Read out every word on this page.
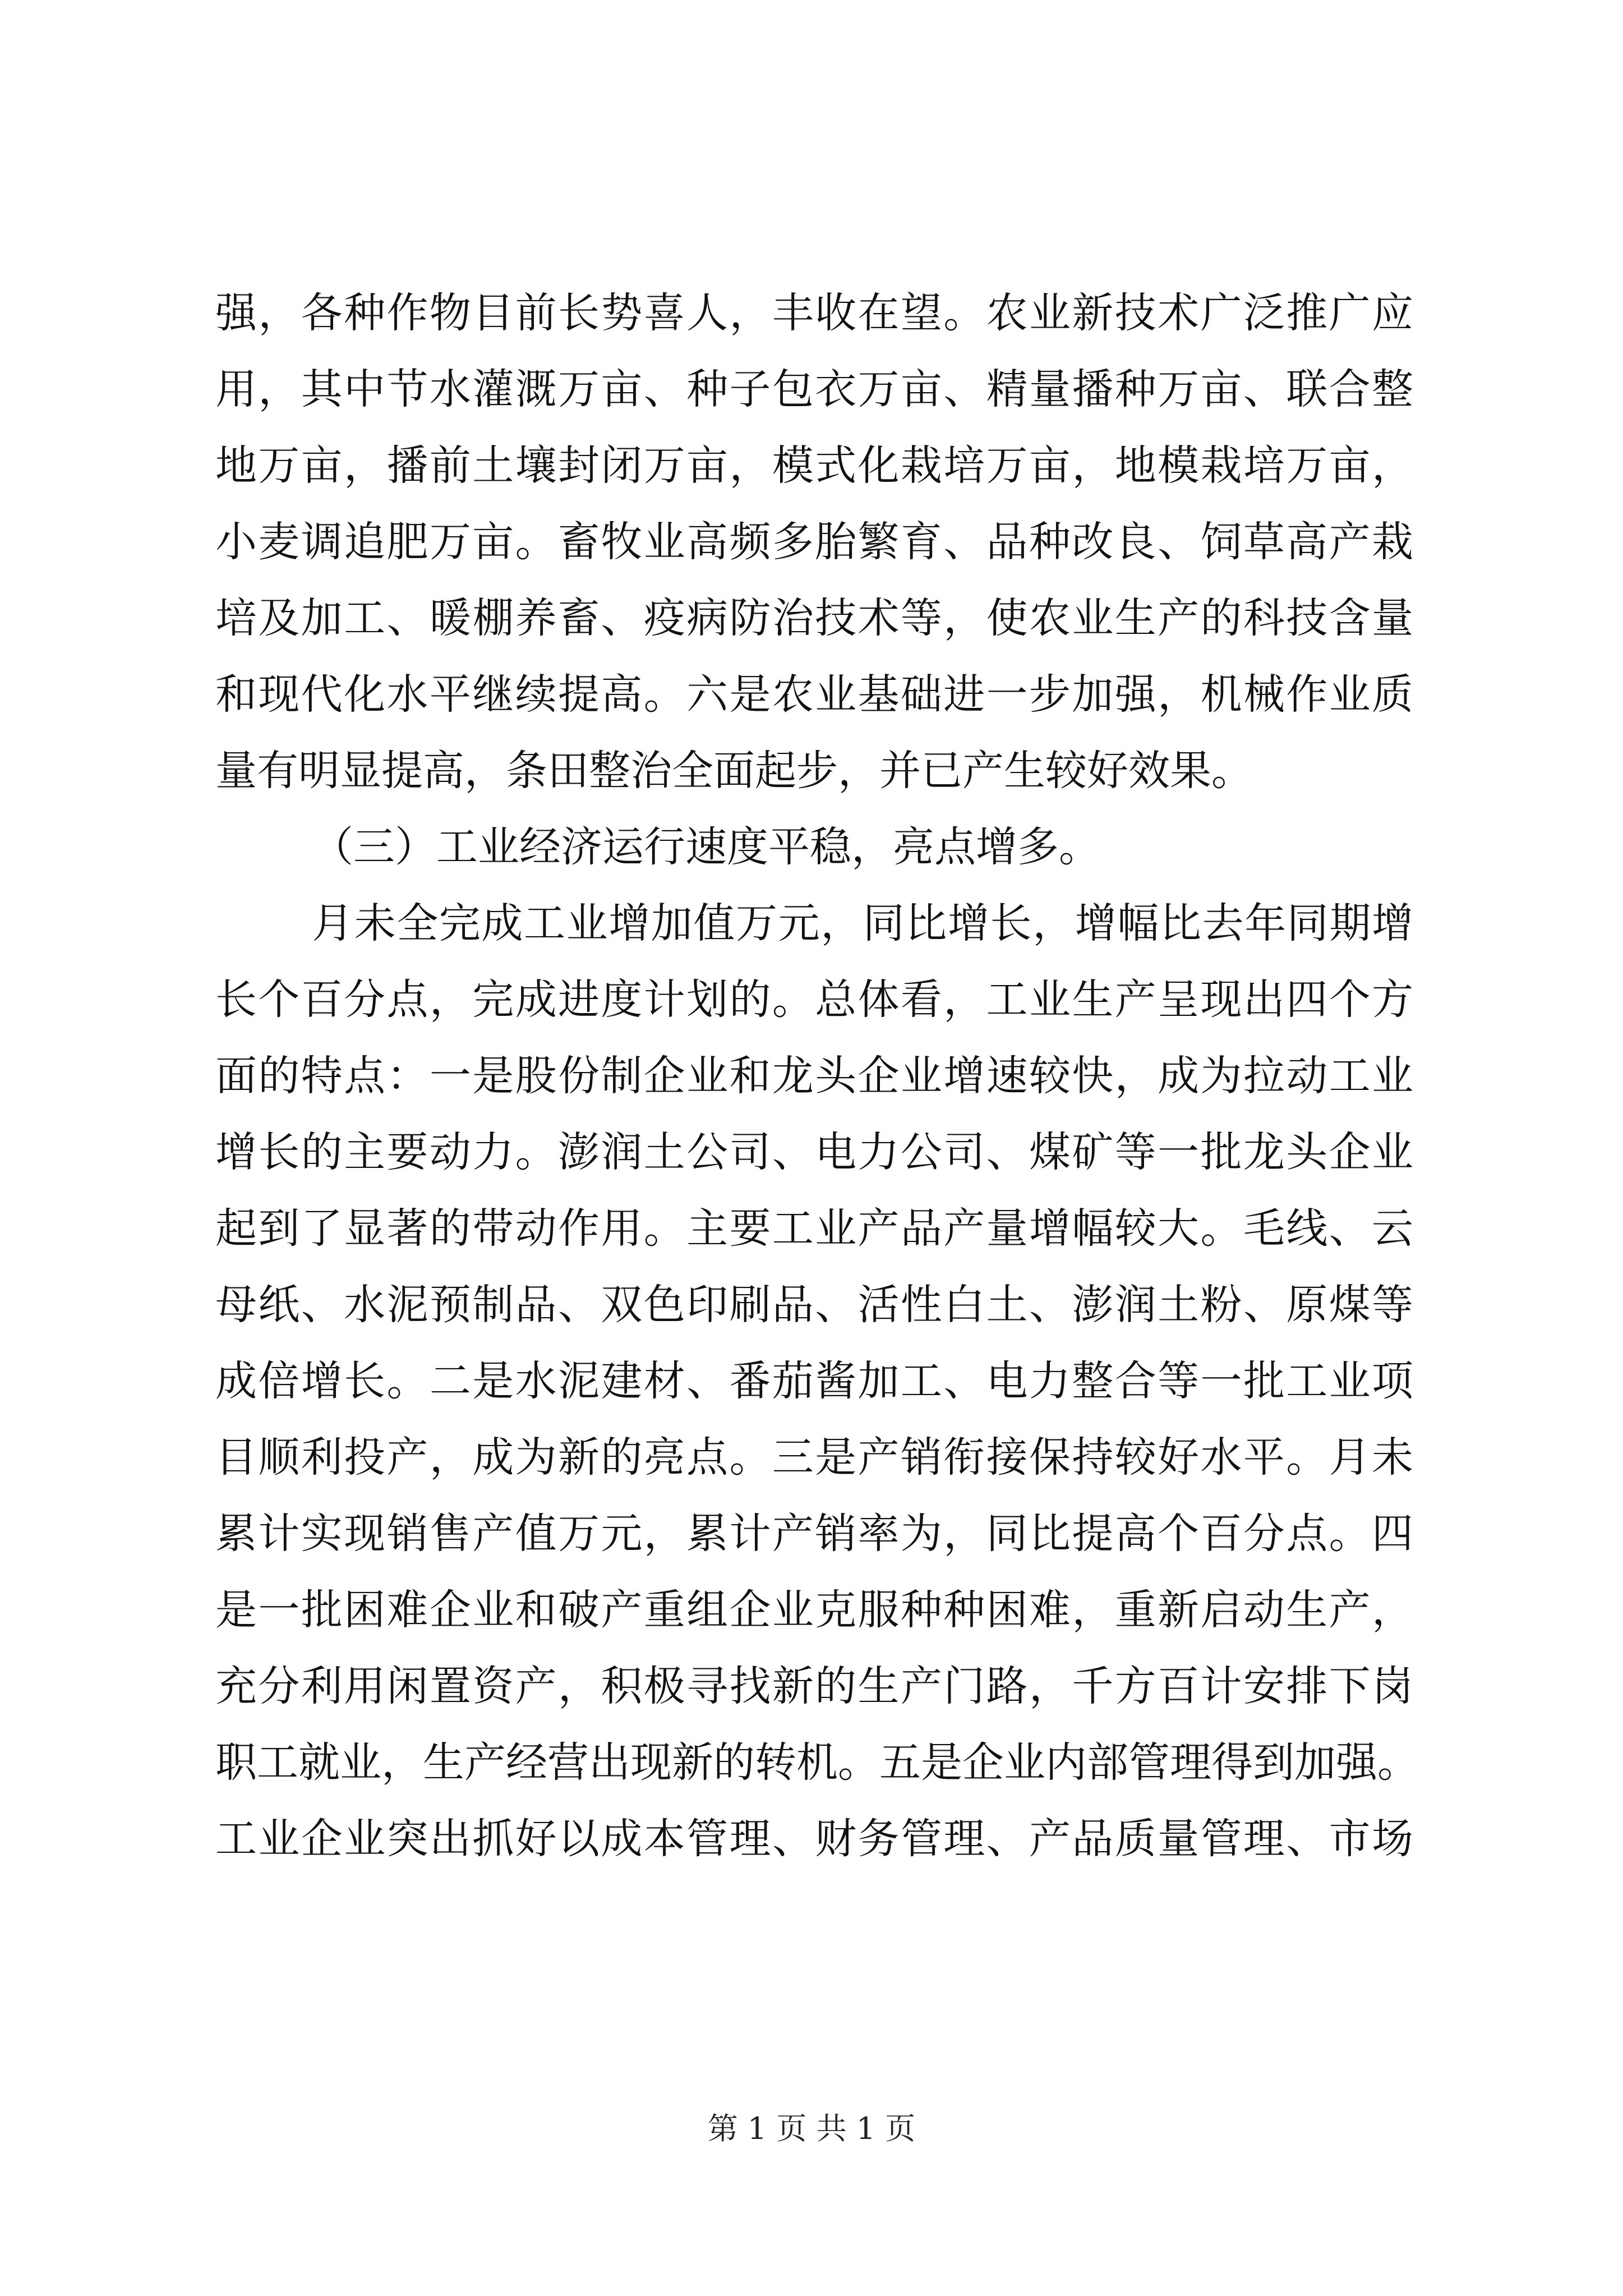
强，各种作物目前长势喜人，丰收在望。农业新技术广泛推广应
用，其中节水灌溉万亩、种子包衣万亩、精量播种万亩、联合整
地万亩，播前土壤封闭万亩，模式化栽培万亩，地模栽培万亩，
小麦调追肥万亩。畜牧业高频多胎繁育、品种改良、饲草高产栽
培及加工、暖棚养畜、疫病防治技术等，使农业生产的科技含量
和现代化水平继续提高。六是农业基础进一步加强，机械作业质
量有明显提高，条田整治全面起步，并已产生较好效果。
（三）工业经济运行速度平稳，亮点增多。
月未全完成工业增加值万元，同比增长，增幅比去年同期增
长个百分点，完成进度计划的。总体看，工业生产呈现出四个方
面的特点：一是股份制企业和龙头企业增速较快，成为拉动工业
增长的主要动力。澎润土公司、电力公司、煤矿等一批龙头企业
起到了显著的带动作用。主要工业产品产量增幅较大。毛线、云
母纸、水泥预制品、双色印刷品、活性白土、澎润土粉、原煤等
成倍增长。二是水泥建材、番茄酱加工、电力整合等一批工业项
目顺利投产，成为新的亮点。三是产销衔接保持较好水平。月未
累计实现销售产值万元，累计产销率为，同比提高个百分点。四
是一批困难企业和破产重组企业克服种种困难，重新启动生产，
充分利用闲置资产，积极寻找新的生产门路，千方百计安排下岗
职工就业，生产经营出现新的转机。五是企业内部管理得到加强。
工业企业突出抓好以成本管理、财务管理、产品质量管理、市场
第 1 页 共 1 页
